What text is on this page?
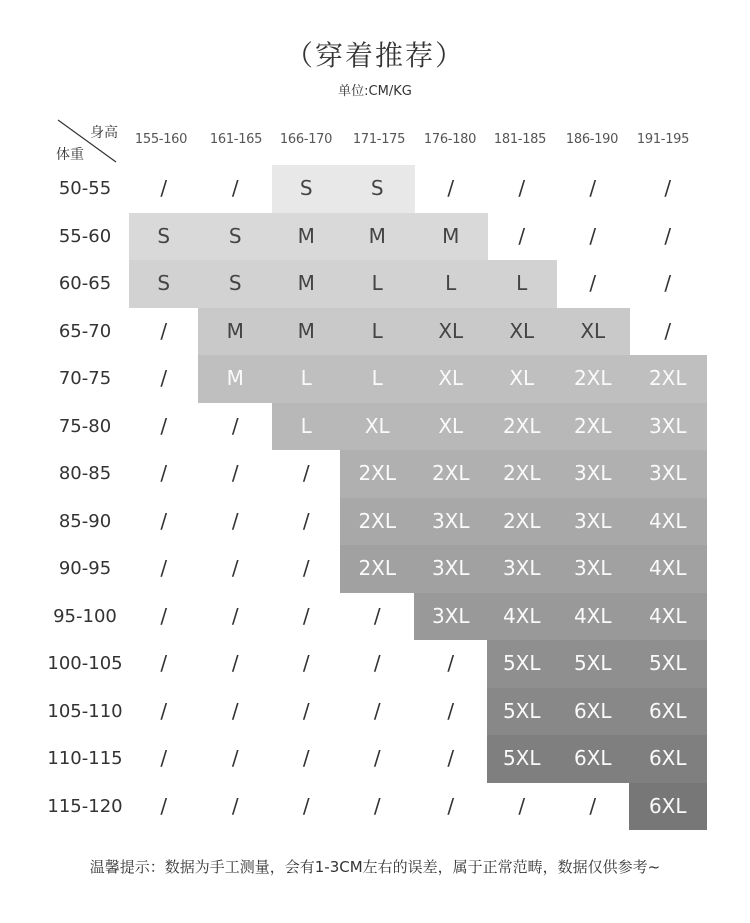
（穿着推荐）
单位:CM/KG
身高
体重
155-160	161-165	166-170	171-175	176-180	181-185	186-190	191-195
50-55	/	/	S	S	/	/	/	/
55-60	S	S	M	M	M	/	/	/
60-65	S	S	M	L	L	L	/	/
65-70	/	M	M	L	XL	XL	XL	/
70-75	/	M	L	L	XL	XL	2XL	2XL
75-80	/	/	L	XL	XL	2XL	2XL	3XL
80-85	/	/	/	2XL	2XL	2XL	3XL	3XL
85-90	/	/	/	2XL	3XL	2XL	3XL	4XL
90-95	/	/	/	2XL	3XL	3XL	3XL	4XL
95-100	/	/	/	/	3XL	4XL	4XL	4XL
100-105	/	/	/	/	/	5XL	5XL	5XL
105-110	/	/	/	/	/	5XL	6XL	6XL
110-115	/	/	/	/	/	5XL	6XL	6XL
115-120	/	/	/	/	/	/	/	6XL
温馨提示：数据为手工测量，会有1-3CM左右的误差，属于正常范畴，数据仅供参考~
